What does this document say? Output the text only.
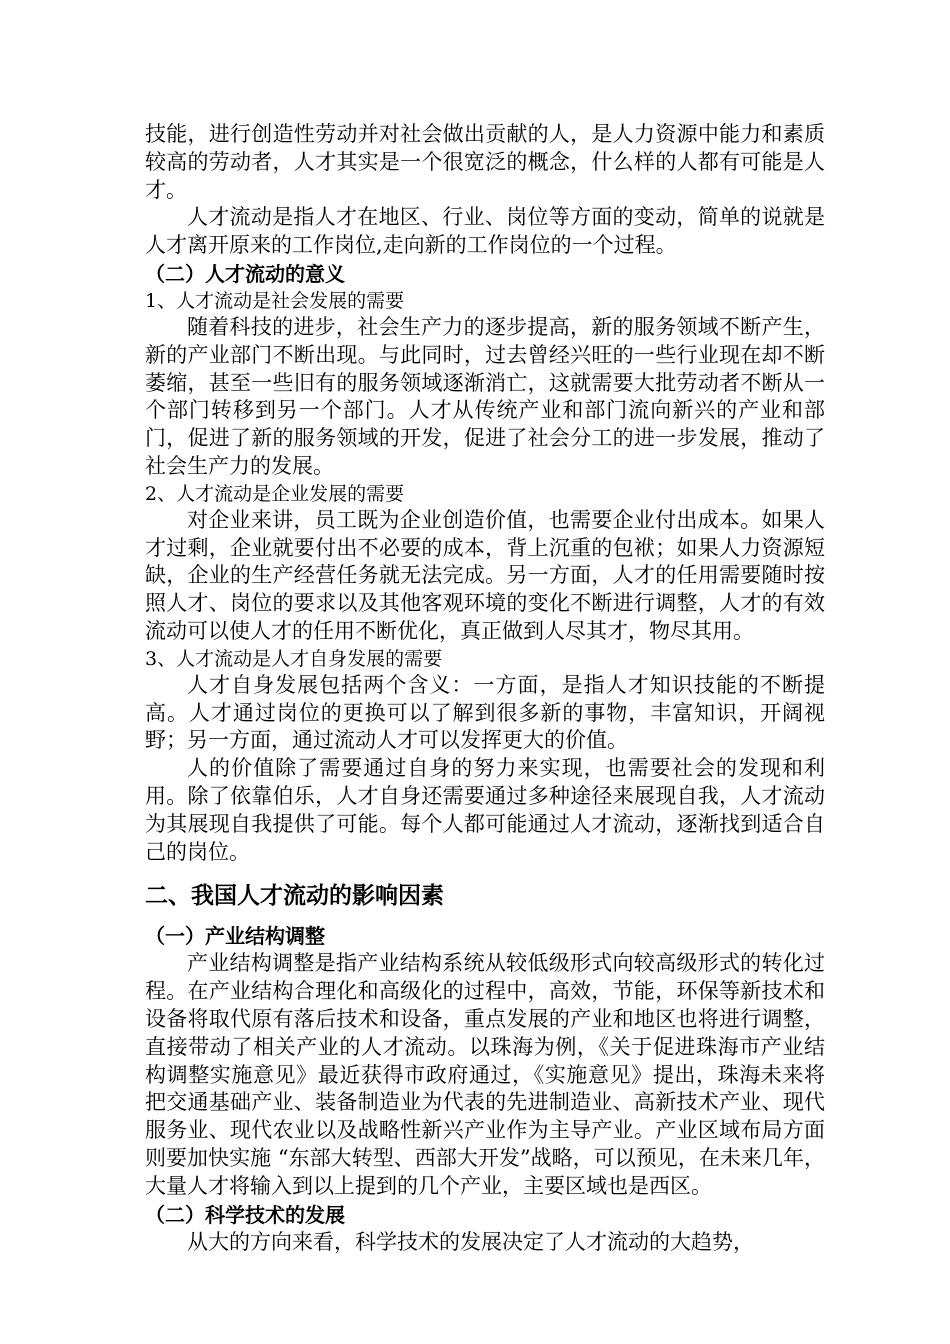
技能，进行创造性劳动并对社会做出贡献的人，是人力资源中能力和素质较高的劳动者，人才其实是一个很宽泛的概念，什么样的人都有可能是人才。

人才流动是指人才在地区、行业、岗位等方面的变动，简单的说就是人才离开原来的工作岗位,走向新的工作岗位的一个过程。

（二）人才流动的意义

1、人才流动是社会发展的需要

随着科技的进步，社会生产力的逐步提高，新的服务领域不断产生，新的产业部门不断出现。与此同时，过去曾经兴旺的一些行业现在却不断萎缩，甚至一些旧有的服务领域逐渐消亡，这就需要大批劳动者不断从一个部门转移到另一个部门。人才从传统产业和部门流向新兴的产业和部门，促进了新的服务领域的开发，促进了社会分工的进一步发展，推动了社会生产力的发展。

2、人才流动是企业发展的需要

对企业来讲，员工既为企业创造价值，也需要企业付出成本。如果人才过剩，企业就要付出不必要的成本，背上沉重的包袱；如果人力资源短缺，企业的生产经营任务就无法完成。另一方面，人才的任用需要随时按照人才、岗位的要求以及其他客观环境的变化不断进行调整，人才的有效流动可以使人才的任用不断优化，真正做到人尽其才，物尽其用。

3、人才流动是人才自身发展的需要

人才自身发展包括两个含义：一方面，是指人才知识技能的不断提高。人才通过岗位的更换可以了解到很多新的事物，丰富知识，开阔视野；另一方面，通过流动人才可以发挥更大的价值。

人的价值除了需要通过自身的努力来实现，也需要社会的发现和利用。除了依靠伯乐，人才自身还需要通过多种途径来展现自我，人才流动为其展现自我提供了可能。每个人都可能通过人才流动，逐渐找到适合自己的岗位。

二、我国人才流动的影响因素

（一）产业结构调整

产业结构调整是指产业结构系统从较低级形式向较高级形式的转化过程。在产业结构合理化和高级化的过程中，高效，节能，环保等新技术和设备将取代原有落后技术和设备，重点发展的产业和地区也将进行调整，直接带动了相关产业的人才流动。以珠海为例，《关于促进珠海市产业结构调整实施意见》最近获得市政府通过，《实施意见》提出，珠海未来将把交通基础产业、装备制造业为代表的先进制造业、高新技术产业、现代服务业、现代农业以及战略性新兴产业作为主导产业。产业区域布局方面则要加快实施 “东部大转型、西部大开发”战略，可以预见，在未来几年，大量人才将输入到以上提到的几个产业，主要区域也是西区。

（二）科学技术的发展

从大的方向来看，科学技术的发展决定了人才流动的大趋势，
